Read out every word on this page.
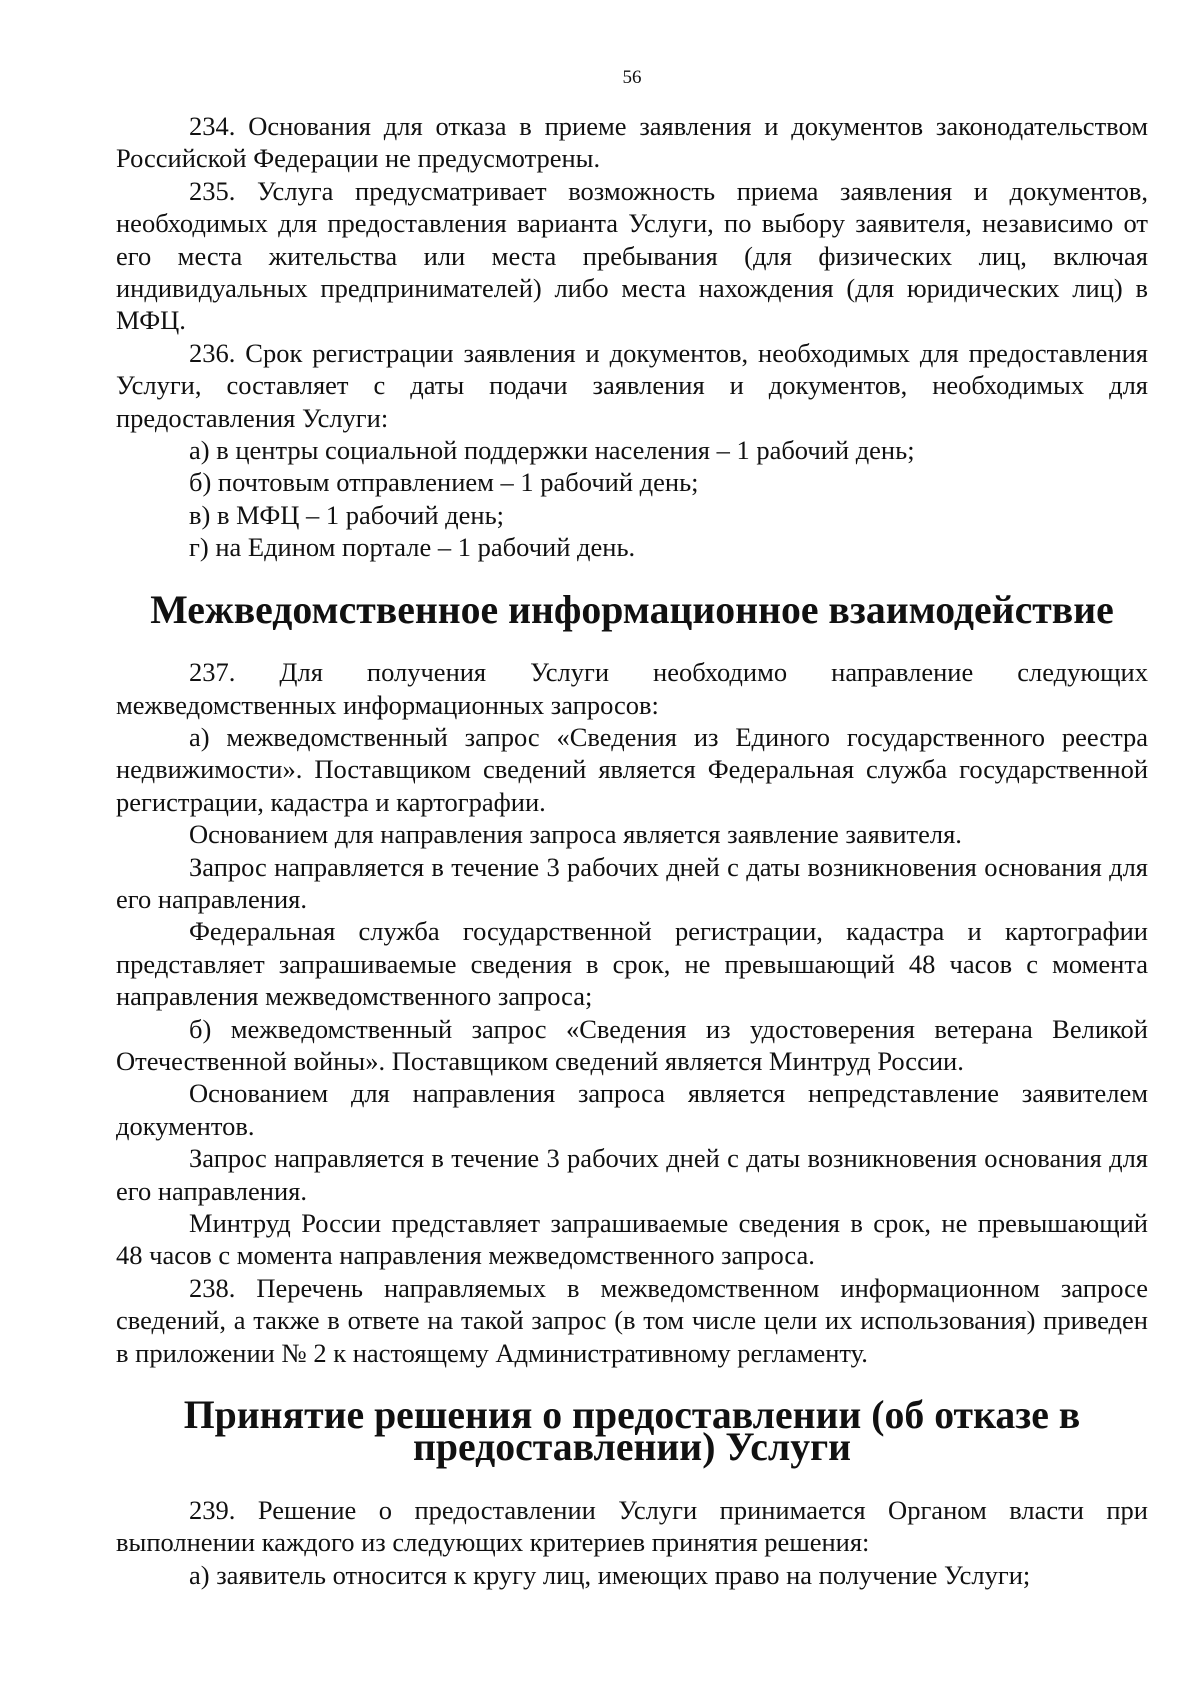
56

234. Основания для отказа в приеме заявления и документов законодательством Российской Федерации не предусмотрены.

235. Услуга предусматривает возможность приема заявления и документов, необходимых для предоставления варианта Услуги, по выбору заявителя, независимо от его места жительства или места пребывания (для физических лиц, включая индивидуальных предпринимателей) либо места нахождения (для юридических лиц) в МФЦ.

236. Срок регистрации заявления и документов, необходимых для предоставления Услуги, составляет с даты подачи заявления и документов, необходимых для предоставления Услуги:

а) в центры социальной поддержки населения – 1 рабочий день;

б) почтовым отправлением – 1 рабочий день;

в) в МФЦ – 1 рабочий день;

г) на Едином портале – 1 рабочий день.

Межведомственное информационное взаимодействие

237. Для получения Услуги необходимо направление следующих межведомственных информационных запросов:

а) межведомственный запрос «Сведения из Единого государственного реестра недвижимости». Поставщиком сведений является Федеральная служба государственной регистрации, кадастра и картографии.

Основанием для направления запроса является заявление заявителя.

Запрос направляется в течение 3 рабочих дней с даты возникновения основания для его направления.

Федеральная служба государственной регистрации, кадастра и картографии представляет запрашиваемые сведения в срок, не превышающий 48 часов с момента направления межведомственного запроса;

б) межведомственный запрос «Сведения из удостоверения ветерана Великой Отечественной войны». Поставщиком сведений является Минтруд России.

Основанием для направления запроса является непредставление заявителем документов.

Запрос направляется в течение 3 рабочих дней с даты возникновения основания для его направления.

Минтруд России представляет запрашиваемые сведения в срок, не превышающий 48 часов с момента направления межведомственного запроса.

238. Перечень направляемых в межведомственном информационном запросе сведений, а также в ответе на такой запрос (в том числе цели их использования) приведен в приложении № 2 к настоящему Административному регламенту.

Принятие решения о предоставлении (об отказе в предоставлении) Услуги

239. Решение о предоставлении Услуги принимается Органом власти при выполнении каждого из следующих критериев принятия решения:

а) заявитель относится к кругу лиц, имеющих право на получение Услуги;
